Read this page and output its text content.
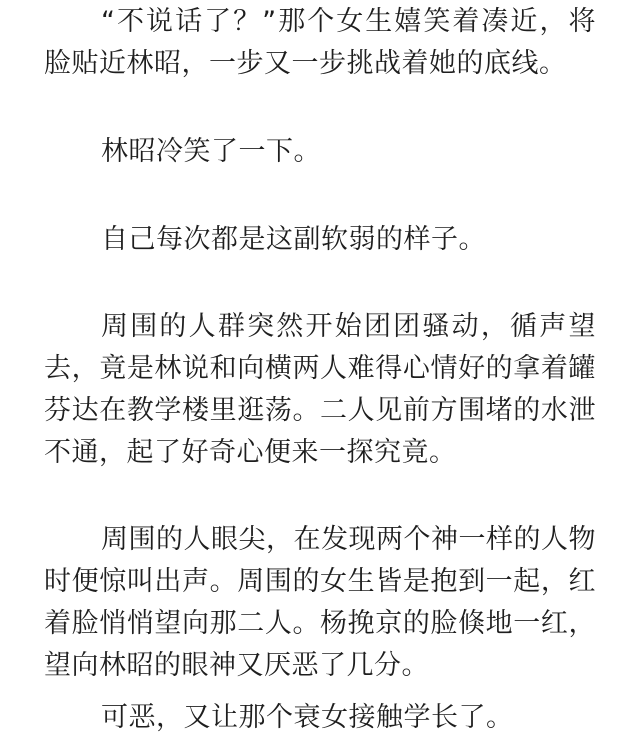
“不说话了？”那个女生嬉笑着凑近，将脸贴近林昭，一步又一步挑战着她的底线。

林昭冷笑了一下。

自己每次都是这副软弱的样子。

周围的人群突然开始团团骚动，循声望去，竟是林说和向横两人难得心情好的拿着罐芬达在教学楼里逛荡。二人见前方围堵的水泄不通，起了好奇心便来一探究竟。

周围的人眼尖，在发现两个神一样的人物时便惊叫出声。周围的女生皆是抱到一起，红着脸悄悄望向那二人。杨挽京的脸倏地一红，望向林昭的眼神又厌恶了几分。

可恶，又让那个衰女接触学长了。
